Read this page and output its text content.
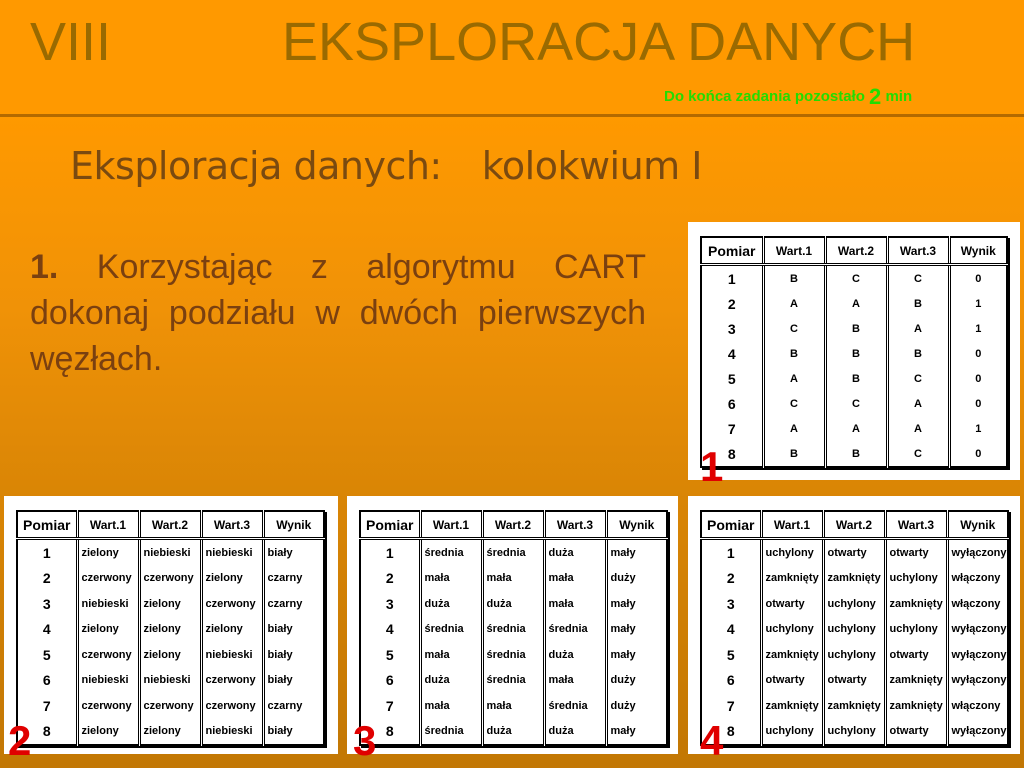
VIII	EKSPLORACJA DANYCH
Do końca zadania pozostało 2 min
Eksploracja danych: kolokwium I
1. Korzystając z algorytmu CART dokonaj podziału w dwóch pierwszych węzłach.
Pomiar	Wart.1	Wart.2	Wart.3	Wynik
1	B	C	C	0
2	A	A	B	1
3	C	B	A	1
4	B	B	B	0
5	A	B	C	0
6	C	C	A	0
7	A	A	A	1
8	B	B	C	0
Pomiar	Wart.1	Wart.2	Wart.3	Wynik
1	zielony	niebieski	niebieski	biały
2	czerwony	czerwony	zielony	czarny
3	niebieski	zielony	czerwony	czarny
4	zielony	zielony	zielony	biały
5	czerwony	zielony	niebieski	biały
6	niebieski	niebieski	czerwony	biały
7	czerwony	czerwony	czerwony	czarny
8	zielony	zielony	niebieski	biały
Pomiar	Wart.1	Wart.2	Wart.3	Wynik
1	średnia	średnia	duża	mały
2	mała	mała	mała	duży
3	duża	duża	mała	mały
4	średnia	średnia	średnia	mały
5	mała	średnia	duża	mały
6	duża	średnia	mała	duży
7	mała	mała	średnia	duży
8	średnia	duża	duża	mały
Pomiar	Wart.1	Wart.2	Wart.3	Wynik
1	uchylony	otwarty	otwarty	wyłączony
2	zamknięty	zamknięty	uchylony	włączony
3	otwarty	uchylony	zamknięty	włączony
4	uchylony	uchylony	uchylony	wyłączony
5	zamknięty	uchylony	otwarty	wyłączony
6	otwarty	otwarty	zamknięty	wyłączony
7	zamknięty	zamknięty	zamknięty	włączony
8	uchylony	uchylony	otwarty	wyłączony
1
2	3	4
